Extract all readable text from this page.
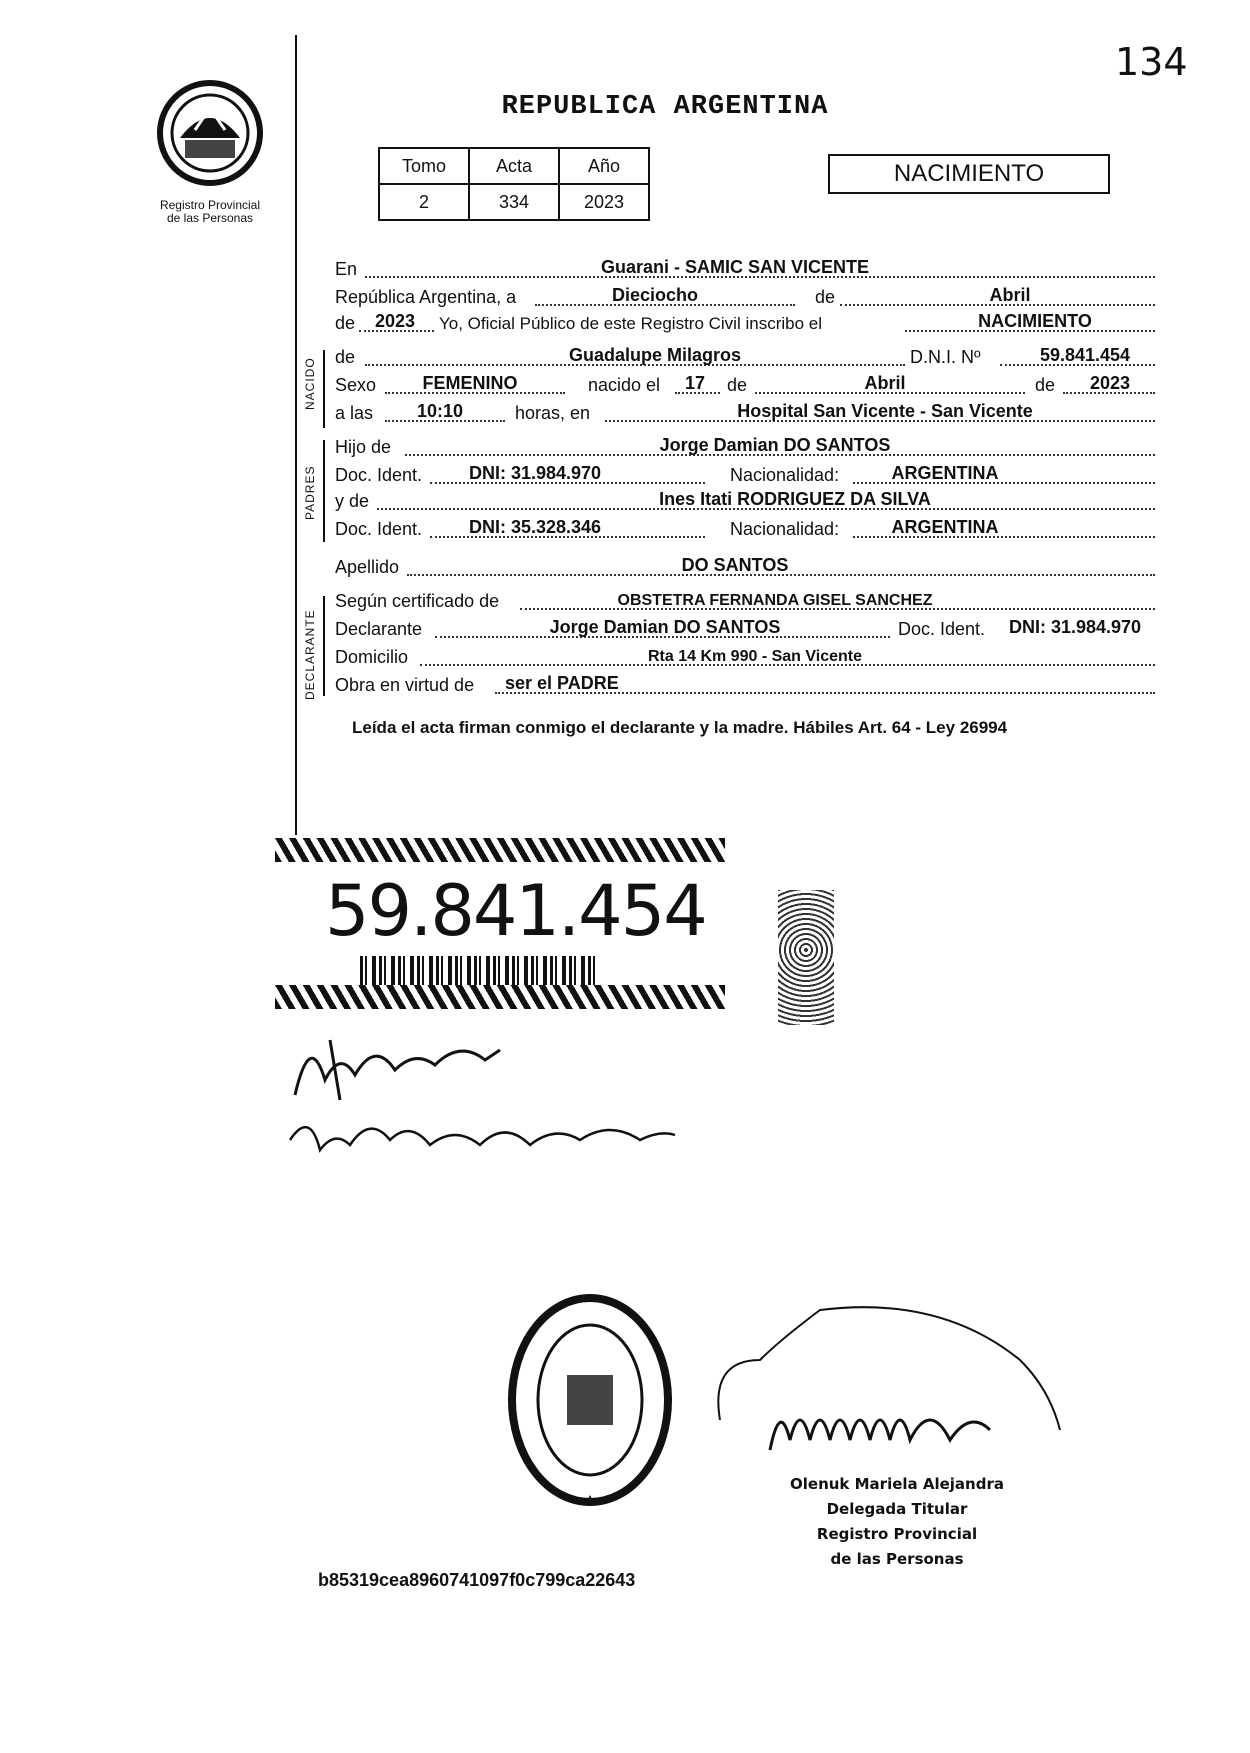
134
Registro Provincial
de las Personas
REPUBLICA ARGENTINA
Tomo	Acta	Año
2	334	2023
NACIMIENTO
En	Guarani - SAMIC SAN VICENTE
República Argentina, a	Dieciocho	de	Abril
de	2023	Yo, Oficial Público de este Registro Civil inscribo el	NACIMIENTO
de	Guadalupe Milagros	D.N.I. Nº	59.841.454
Sexo	FEMENINO	nacido el	17	de	Abril	de	2023
a las	10:10	horas, en	Hospital San Vicente - San Vicente
Hijo de	Jorge Damian DO SANTOS
Doc. Ident.	DNI: 31.984.970	Nacionalidad:	ARGENTINA
y de	Ines Itati RODRIGUEZ DA SILVA
Doc. Ident.	DNI: 35.328.346	Nacionalidad:	ARGENTINA
Apellido	DO SANTOS
Según certificado de	OBSTETRA FERNANDA GISEL SANCHEZ
Declarante	Jorge Damian DO SANTOS	Doc. Ident.	DNI: 31.984.970
Domicilio	Rta 14 Km 990 - San Vicente
Obra en virtud de ser el PADRE
NACIDO
PADRES
DECLARANTE
Leída el acta firman conmigo el declarante y la madre. Hábiles Art. 64 - Ley 26994
59.841.454
Olenuk Mariela Alejandra
Delegada Titular
Registro Provincial
de las Personas
b85319cea8960741097f0c799ca22643
